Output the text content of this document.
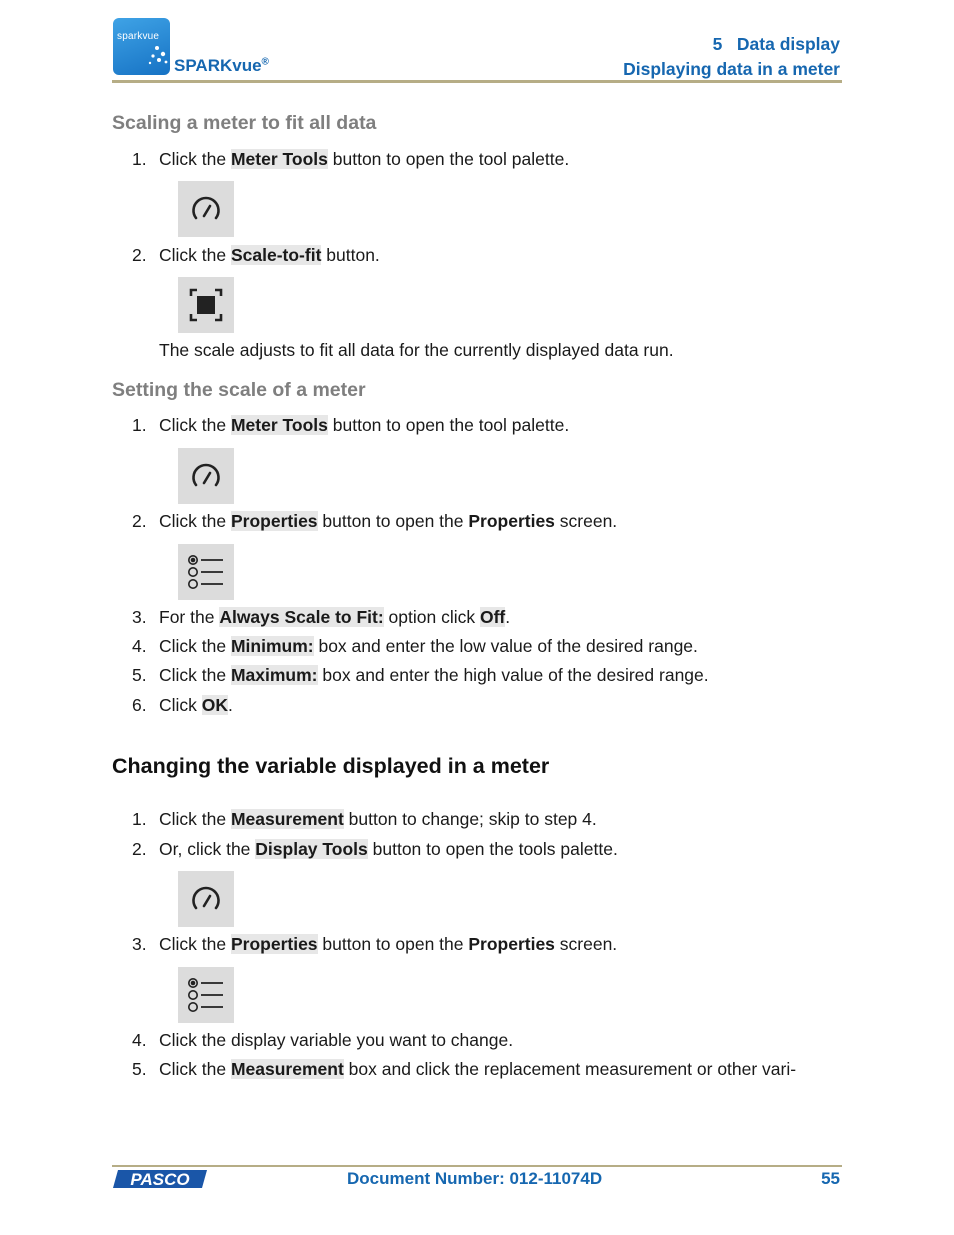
sparkvue
SPARKvue®
5   Data display
Displaying data in a meter
Scaling a meter to fit all data
1. Click the Meter Tools button to open the tool palette.
2. Click the Scale-to-fit button.
The scale adjusts to fit all data for the currently displayed data run.
Setting the scale of a meter
1. Click the Meter Tools button to open the tool palette.
2. Click the Properties button to open the Properties screen.
3. For the Always Scale to Fit: option click Off.
4. Click the Minimum: box and enter the low value of the desired range.
5. Click the Maximum: box and enter the high value of the desired range.
6. Click OK.
Changing the variable displayed in a meter
1. Click the Measurement button to change; skip to step 4.
2. Or, click the Display Tools button to open the tools palette.
3. Click the Properties button to open the Properties screen.
4. Click the display variable you want to change.
5. Click the Measurement box and click the replacement measurement or other vari-
PASCO	Document Number: 012-11074D	55
